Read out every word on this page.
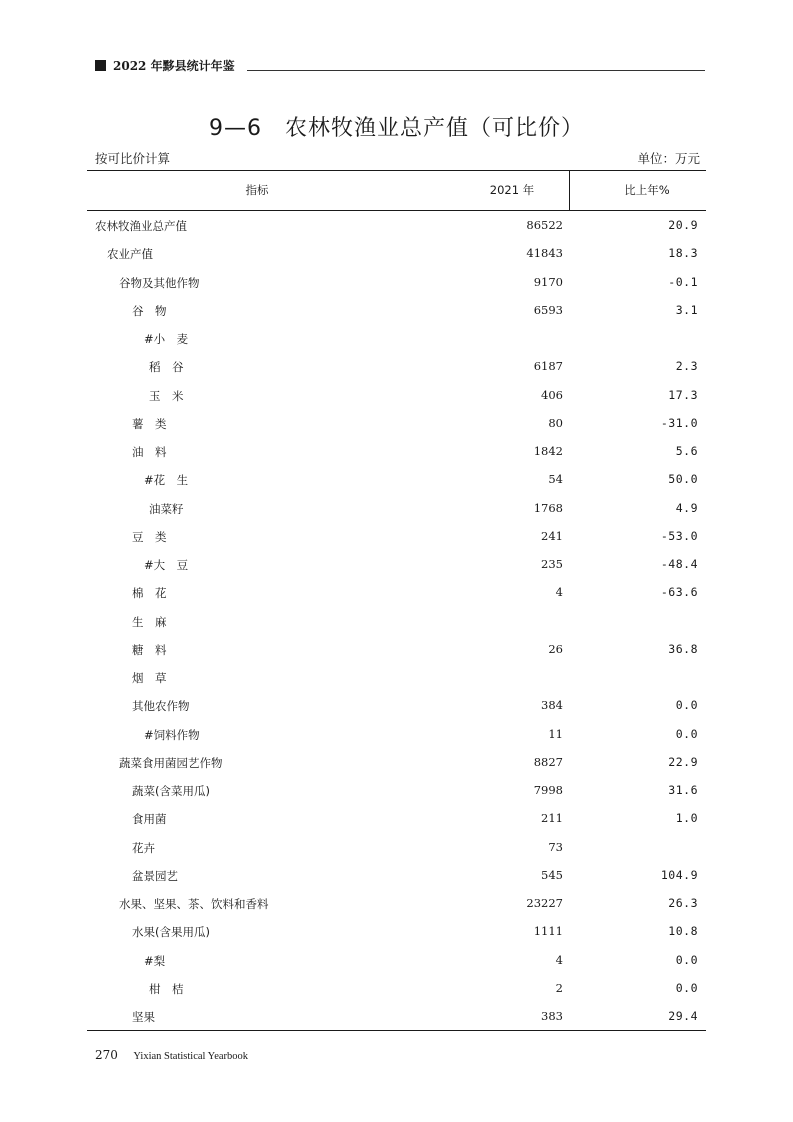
2022 年黟县统计年鉴
9—6　农林牧渔业总产值（可比价）
按可比价计算	单位：万元
指标	2021 年	比上年%
农林牧渔业总产值	86522	20.9
农业产值	41843	18.3
谷物及其他作物	9170	-0.1
谷　物	6593	3.1
#小　麦
稻　谷	6187	2.3
玉　米	406	17.3
薯　类	80	-31.0
油　料	1842	5.6
#花　生	54	50.0
油菜籽	1768	4.9
豆　类	241	-53.0
#大　豆	235	-48.4
棉　花	4	-63.6
生　麻
糖　料	26	36.8
烟　草
其他农作物	384	0.0
#饲料作物	11	0.0
蔬菜食用菌园艺作物	8827	22.9
蔬菜(含菜用瓜)	7998	31.6
食用菌	211	1.0
花卉	73
盆景园艺	545	104.9
水果、坚果、茶、饮料和香料	23227	26.3
水果(含果用瓜)	1111	10.8
#梨	4	0.0
柑　桔	2	0.0
坚果	383	29.4
270 Yixian Statistical Yearbook
